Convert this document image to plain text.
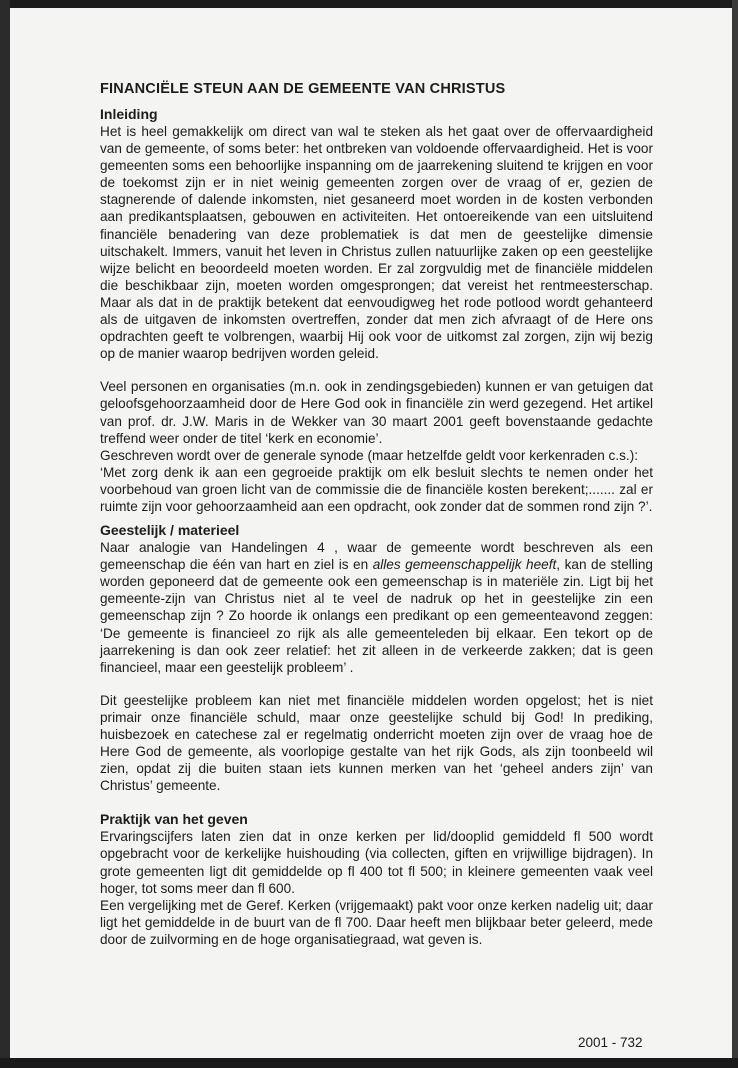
FINANCIËLE STEUN AAN DE GEMEENTE VAN CHRISTUS
Inleiding

Het is heel gemakkelijk om direct van wal te steken als het gaat over de offervaardigheid van de gemeente, of soms beter: het ontbreken van voldoende offervaardigheid. Het is voor gemeenten soms een behoorlijke inspanning om de jaarrekening sluitend te krijgen en voor de toekomst zijn er in niet weinig gemeenten zorgen over de vraag of er, gezien de stagnerende of dalende inkomsten, niet gesaneerd moet worden in de kosten verbonden aan predikantsplaatsen, gebouwen en activiteiten. Het ontoereikende van een uitsluitend financiële benadering van deze problematiek is dat men de geestelijke dimensie uitschakelt. Immers, vanuit het leven in Christus zullen natuurlijke zaken op een geestelijke wijze belicht en beoordeeld moeten worden. Er zal zorgvuldig met de financiële middelen die beschikbaar zijn, moeten worden omgesprongen; dat vereist het rentmeesterschap. Maar als dat in de praktijk betekent dat eenvoudigweg het rode potlood wordt gehanteerd als de uitgaven de inkomsten overtreffen, zonder dat men zich afvraagt of de Here ons opdrachten geeft te volbrengen, waarbij Hij ook voor de uitkomst zal zorgen, zijn wij bezig op de manier waarop bedrijven worden geleid.

Veel personen en organisaties (m.n. ook in zendingsgebieden) kunnen er van getuigen dat geloofsgehoorzaamheid door de Here God ook in financiële zin werd gezegend. Het artikel van prof. dr. J.W. Maris in de Wekker van 30 maart 2001 geeft bovenstaande gedachte treffend weer onder de titel ‘kerk en economie’.

Geschreven wordt over de generale synode (maar hetzelfde geldt voor kerkenraden c.s.):

‘Met zorg denk ik aan een gegroeide praktijk om elk besluit slechts te nemen onder het voorbehoud van groen licht van de commissie die de financiële kosten berekent;....... zal er ruimte zijn voor gehoorzaamheid aan een opdracht, ook zonder dat de sommen rond zijn ?’.

Geestelijk / materieel

Naar analogie van Handelingen 4 , waar de gemeente wordt beschreven als een gemeenschap die één van hart en ziel is en alles gemeenschappelijk heeft, kan de stelling worden geponeerd dat de gemeente ook een gemeenschap is in materiële zin. Ligt bij het gemeente-zijn van Christus niet al te veel de nadruk op het in geestelijke zin een gemeenschap zijn ? Zo hoorde ik onlangs een predikant op een gemeenteavond zeggen: ‘De gemeente is financieel zo rijk als alle gemeenteleden bij elkaar. Een tekort op de jaarrekening is dan ook zeer relatief: het zit alleen in de verkeerde zakken; dat is geen financieel, maar een geestelijk probleem’ .

Dit geestelijke probleem kan niet met financiële middelen worden opgelost; het is niet primair onze financiële schuld, maar onze geestelijke schuld bij God! In prediking, huisbezoek en catechese zal er regelmatig onderricht moeten zijn over de vraag hoe de Here God de gemeente, als voorlopige gestalte van het rijk Gods, als zijn toonbeeld wil zien, opdat zij die buiten staan iets kunnen merken van het ‘geheel anders zijn’ van Christus’ gemeente.

Praktijk van het geven

Ervaringscijfers laten zien dat in onze kerken per lid/dooplid gemiddeld fl 500 wordt opgebracht voor de kerkelijke huishouding (via collecten, giften en vrijwillige bijdragen). In grote gemeenten ligt dit gemiddelde op fl 400 tot fl 500; in kleinere gemeenten vaak veel hoger, tot soms meer dan fl 600.

Een vergelijking met de Geref. Kerken (vrijgemaakt) pakt voor onze kerken nadelig uit; daar ligt het gemiddelde in de buurt van de fl 700. Daar heeft men blijkbaar beter geleerd, mede door de zuilvorming en de hoge organisatiegraad, wat geven is.

2001 - 732
